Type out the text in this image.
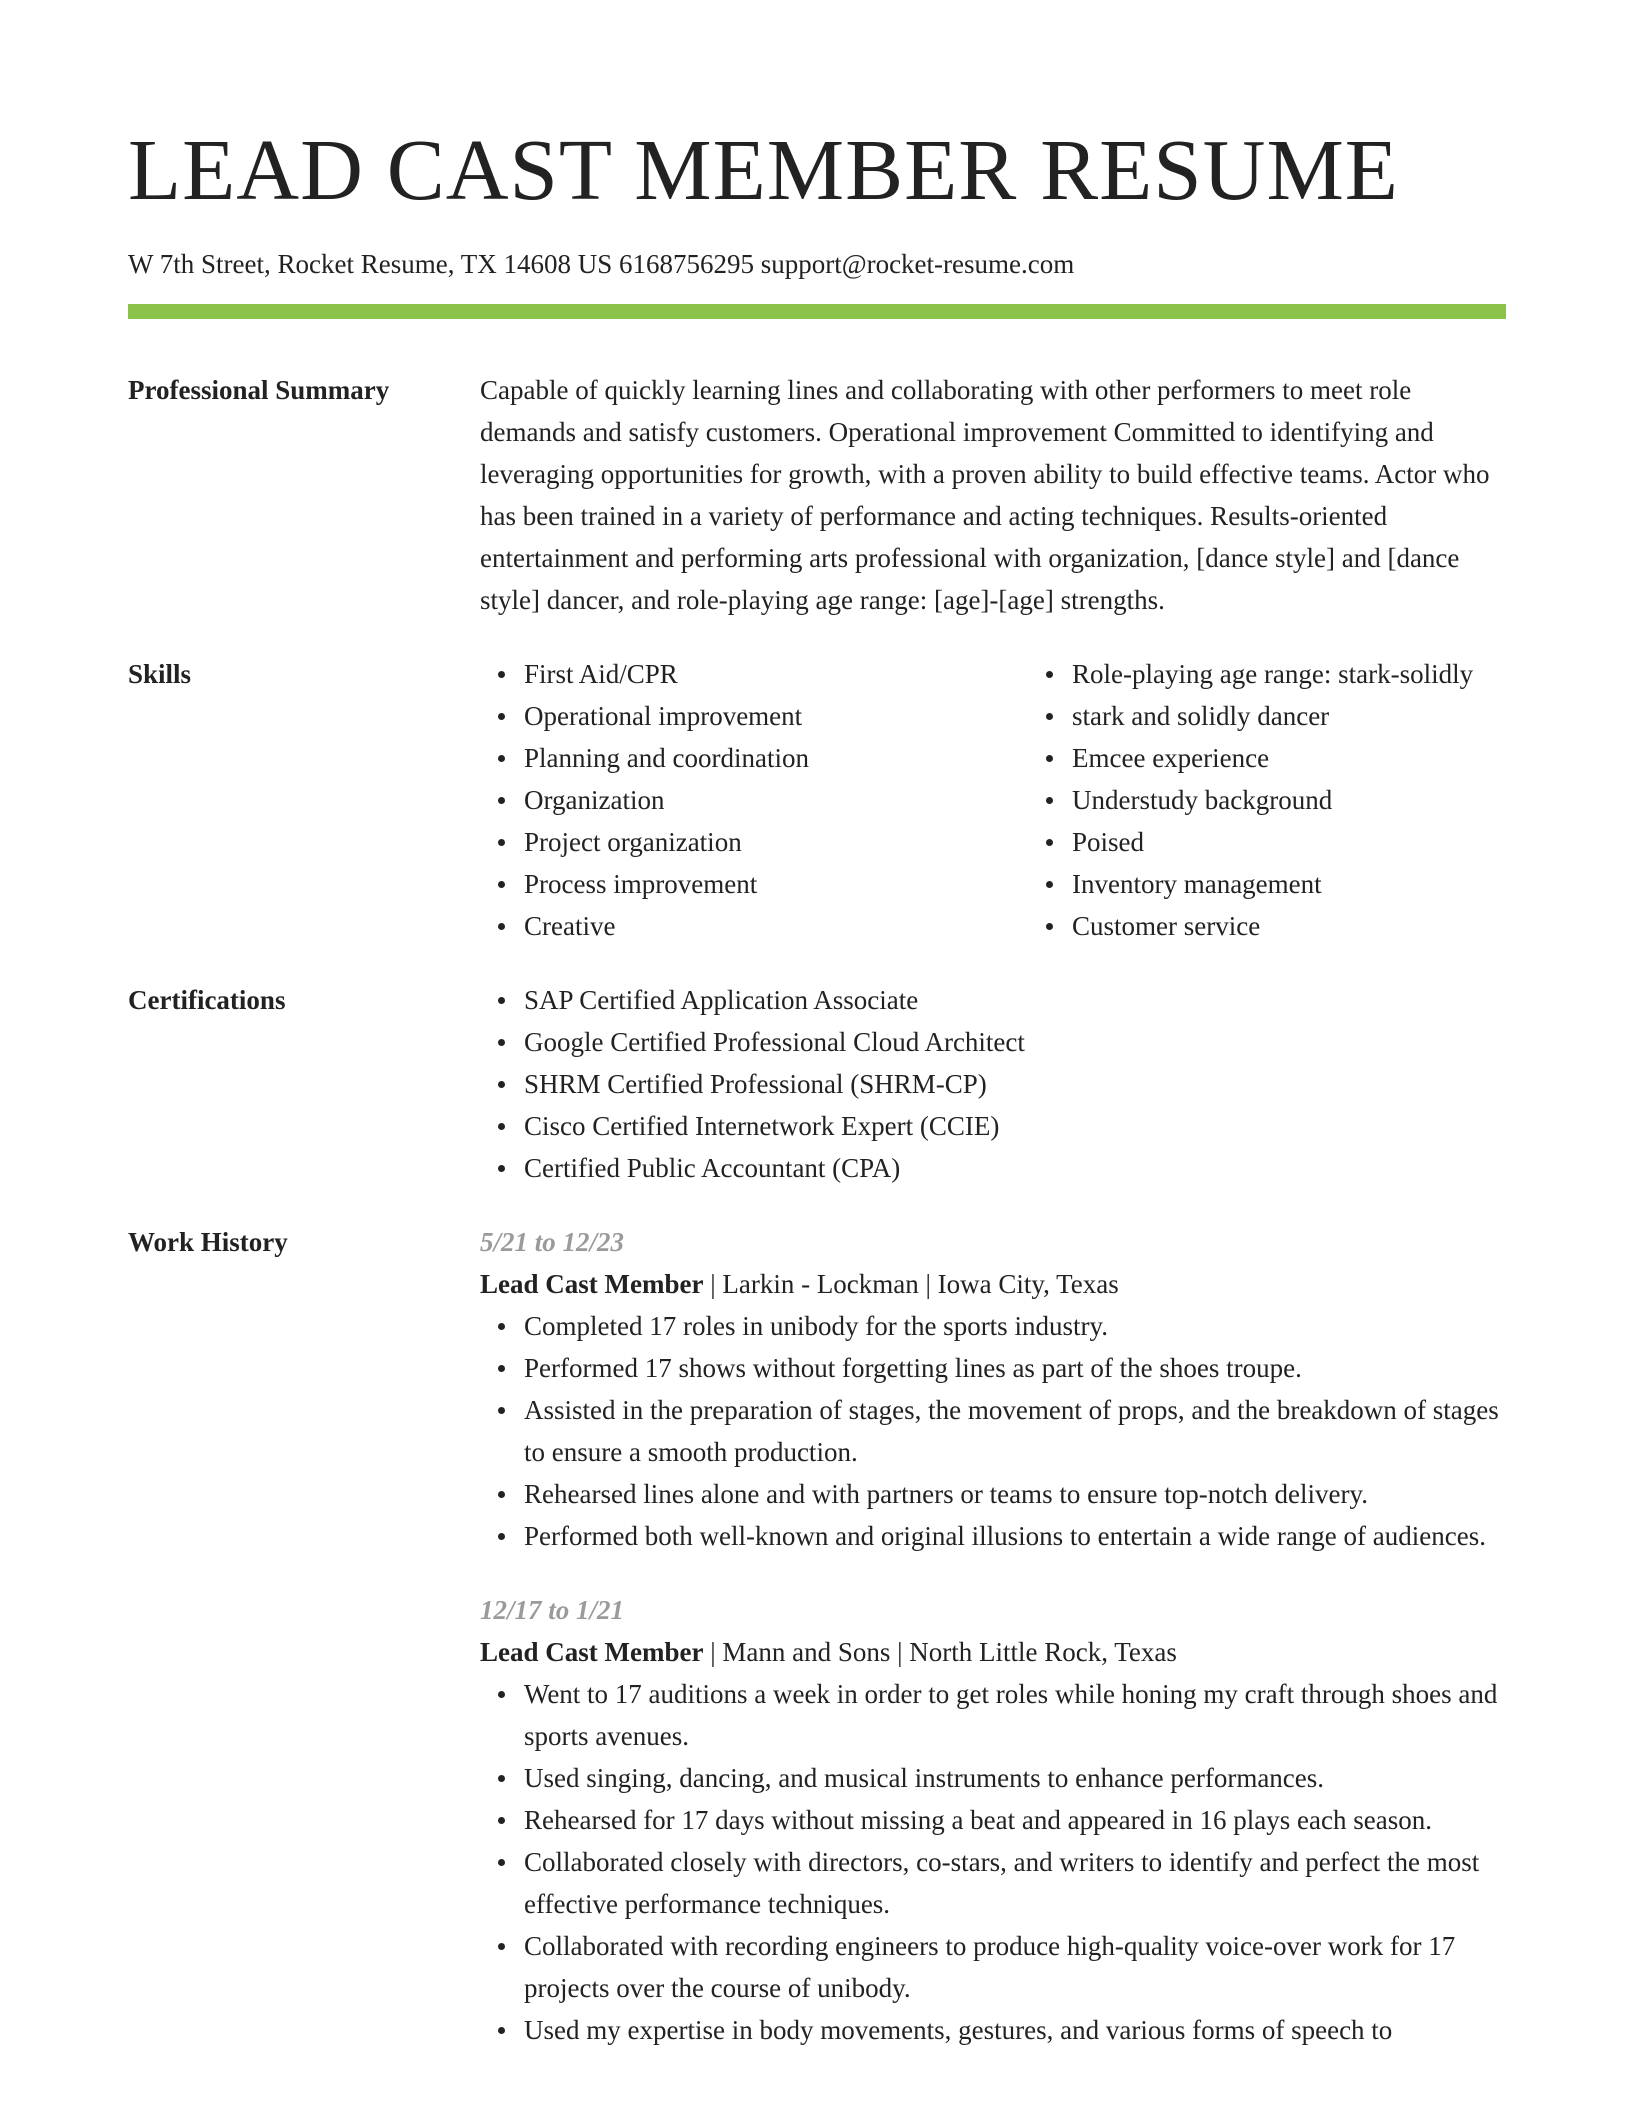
LEAD CAST MEMBER RESUME
W 7th Street, Rocket Resume, TX 14608 US 6168756295 support@rocket-resume.com
Professional Summary	Capable of quickly learning lines and collaborating with other performers to meet role demands and satisfy customers. Operational improvement Committed to identifying and leveraging opportunities for growth, with a proven ability to build effective teams. Actor who has been trained in a variety of performance and acting techniques. Results-oriented entertainment and performing arts professional with organization, [dance style] and [dance style] dancer, and role-playing age range: [age]-[age] strengths.

Skills	First Aid/CPR
Operational improvement
Planning and coordination
Organization
Project organization
Process improvement
Creative
Role-playing age range: stark-solidly
stark and solidly dancer
Emcee experience
Understudy background
Poised
Inventory management
Customer service
Certifications	SAP Certified Application Associate
Google Certified Professional Cloud Architect
SHRM Certified Professional (SHRM-CP)
Cisco Certified Internetwork Expert (CCIE)
Certified Public Accountant (CPA)
Work History	5/21 to 12/23
Lead Cast Member | Larkin - Lockman | Iowa City, Texas
Completed 17 roles in unibody for the sports industry.
Performed 17 shows without forgetting lines as part of the shoes troupe.
Assisted in the preparation of stages, the movement of props, and the breakdown of stages to ensure a smooth production.
Rehearsed lines alone and with partners or teams to ensure top-notch delivery.
Performed both well-known and original illusions to entertain a wide range of audiences.
12/17 to 1/21
Lead Cast Member | Mann and Sons | North Little Rock, Texas
Went to 17 auditions a week in order to get roles while honing my craft through shoes and sports avenues.
Used singing, dancing, and musical instruments to enhance performances.
Rehearsed for 17 days without missing a beat and appeared in 16 plays each season.
Collaborated closely with directors, co-stars, and writers to identify and perfect the most effective performance techniques.
Collaborated with recording engineers to produce high-quality voice-over work for 17 projects over the course of unibody.
Used my expertise in body movements, gestures, and various forms of speech to
